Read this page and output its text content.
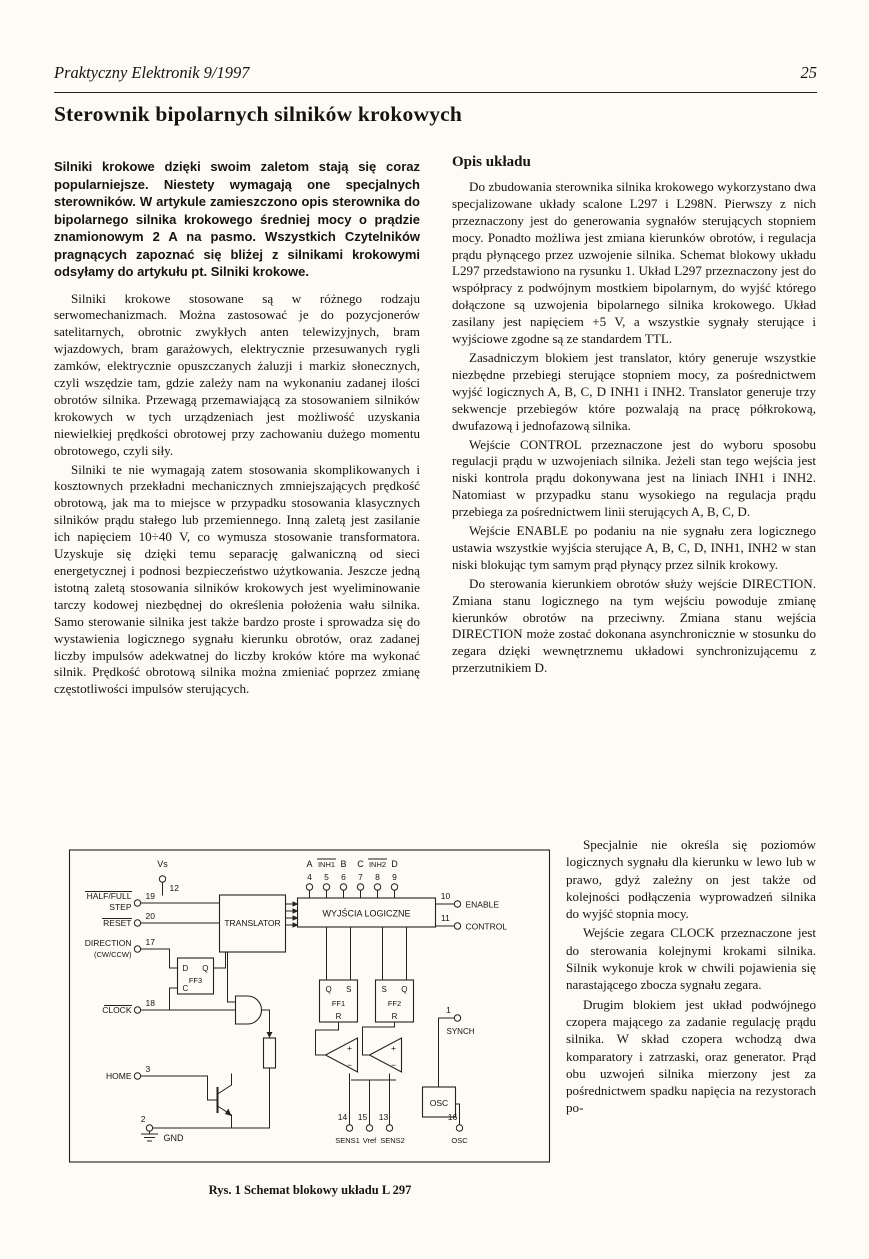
Praktyczny Elektronik 9/1997	25
Sterownik bipolarnych silników krokowych

Silniki krokowe dzięki swoim zaletom stają się coraz popularniejsze. Niestety wymagają one specjalnych sterowników. W artykule zamieszczono opis sterownika do bipolarnego silnika krokowego średniej mocy o prądzie znamionowym 2 A na pasmo. Wszystkich Czytelników pragnących zapoznać się bliżej z silnikami krokowymi odsyłamy do artykułu pt. Silniki krokowe.

Silniki krokowe stosowane są w różnego rodzaju serwomechanizmach. Można zastosować je do pozycjonerów satelitarnych, obrotnic zwykłych anten telewizyjnych, bram wjazdowych, bram garażowych, elektrycznie przesuwanych rygli zamków, elektrycznie opuszczanych żaluzji i markiz słonecznych, czyli wszędzie tam, gdzie zależy nam na wykonaniu zadanej ilości obrotów silnika. Przewagą przemawiającą za stosowaniem silników krokowych w tych urządzeniach jest możliwość uzyskania niewielkiej prędkości obrotowej przy zachowaniu dużego momentu obrotowego, czyli siły.

Silniki te nie wymagają zatem stosowania skomplikowanych i kosztownych przekładni mechanicznych zmniejszających prędkość obrotową, jak ma to miejsce w przypadku stosowania klasycznych silników prądu stałego lub przemiennego. Inną zaletą jest zasilanie ich napięciem 10÷40 V, co wymusza stosowanie transformatora. Uzyskuje się dzięki temu separację galwaniczną od sieci energetycznej i podnosi bezpieczeństwo użytkowania. Jeszcze jedną istotną zaletą stosowania silników krokowych jest wyeliminowanie tarczy kodowej niezbędnej do określenia położenia wału silnika. Samo sterowanie silnika jest także bardzo proste i sprowadza się do wystawienia logicznego sygnału kierunku obrotów, oraz zadanej liczby impulsów adekwatnej do liczby kroków które ma wykonać silnik. Prędkość obrotową silnika można zmieniać poprzez zmianę częstotliwości impulsów sterujących.

Opis układu

Do zbudowania sterownika silnika krokowego wykorzystano dwa specjalizowane układy scalone L297 i L298N. Pierwszy z nich przeznaczony jest do generowania sygnałów sterujących stopniem mocy. Ponadto możliwa jest zmiana kierunków obrotów, i regulacja prądu płynącego przez uzwojenie silnika. Schemat blokowy układu L297 przedstawiono na rysunku 1. Układ L297 przeznaczony jest do współpracy z podwójnym mostkiem bipolarnym, do wyjść którego dołączone są uzwojenia bipolarnego silnika krokowego. Układ zasilany jest napięciem +5 V, a wszystkie sygnały sterujące i wyjściowe zgodne są ze standardem TTL.

Zasadniczym blokiem jest translator, który generuje wszystkie niezbędne przebiegi sterujące stopniem mocy, za pośrednictwem wyjść logicznych A, B, C, D INH1 i INH2. Translator generuje trzy sekwencje przebiegów które pozwalają na pracę półkrokową, dwufazową i jednofazową silnika.

Wejście CONTROL przeznaczone jest do wyboru sposobu regulacji prądu w uzwojeniach silnika. Jeżeli stan tego wejścia jest niski kontrola prądu dokonywana jest na liniach INH1 i INH2. Natomiast w przypadku stanu wysokiego na regulacja prądu przebiega za pośrednictwem linii sterujących A, B, C, D.

Wejście ENABLE po podaniu na nie sygnału zera logicznego ustawia wszystkie wyjścia sterujące A, B, C, D, INH1, INH2 w stan niski blokując tym samym prąd płynący przez silnik krokowy.

Do sterowania kierunkiem obrotów służy wejście DIRECTION. Zmiana stanu logicznego na tym wejściu powoduje zmianę kierunków obrotów na przeciwny. Zmiana stanu wejścia DIRECTION może zostać dokonana asynchronicznie w stosunku do zegara dzięki wewnętrznemu układowi synchronizującemu z przerzutnikiem D.

Vs
12
A INH1 B C INH2 D
4 5 6 7 8 9
TRANSLATOR
WYJŚCIA LOGICZNE
10
ENABLE
11
CONTROL
HALF/FULL
STEP
19
RESET
20
DIRECTION
(CW/CCW)
17
CLOCK
18
HOME
3
2
GND
D Q
FF3
C	Q S
FF1
R
S Q
FF2
R
+
−
+
−
OSC
1
SYNCH
14
SENS1
15
Vref
13
SENS2
16
OSC
Rys. 1 Schemat blokowy układu L 297

Specjalnie nie określa się poziomów logicznych sygnału dla kierunku w lewo lub w prawo, gdyż zależny on jest także od kolejności podłączenia wyprowadzeń silnika do wyjść stopnia mocy.

Wejście zegara CLOCK przeznaczone jest do sterowania kolejnymi krokami silnika. Silnik wykonuje krok w chwili pojawienia się narastającego zbocza sygnału zegara.

Drugim blokiem jest układ podwójnego czopera mającego za zadanie regulację prądu silnika. W skład czopera wchodzą dwa komparatory i zatrzaski, oraz generator. Prąd obu uzwojeń silnika mierzony jest za pośrednictwem spadku napięcia na rezystorach po-
